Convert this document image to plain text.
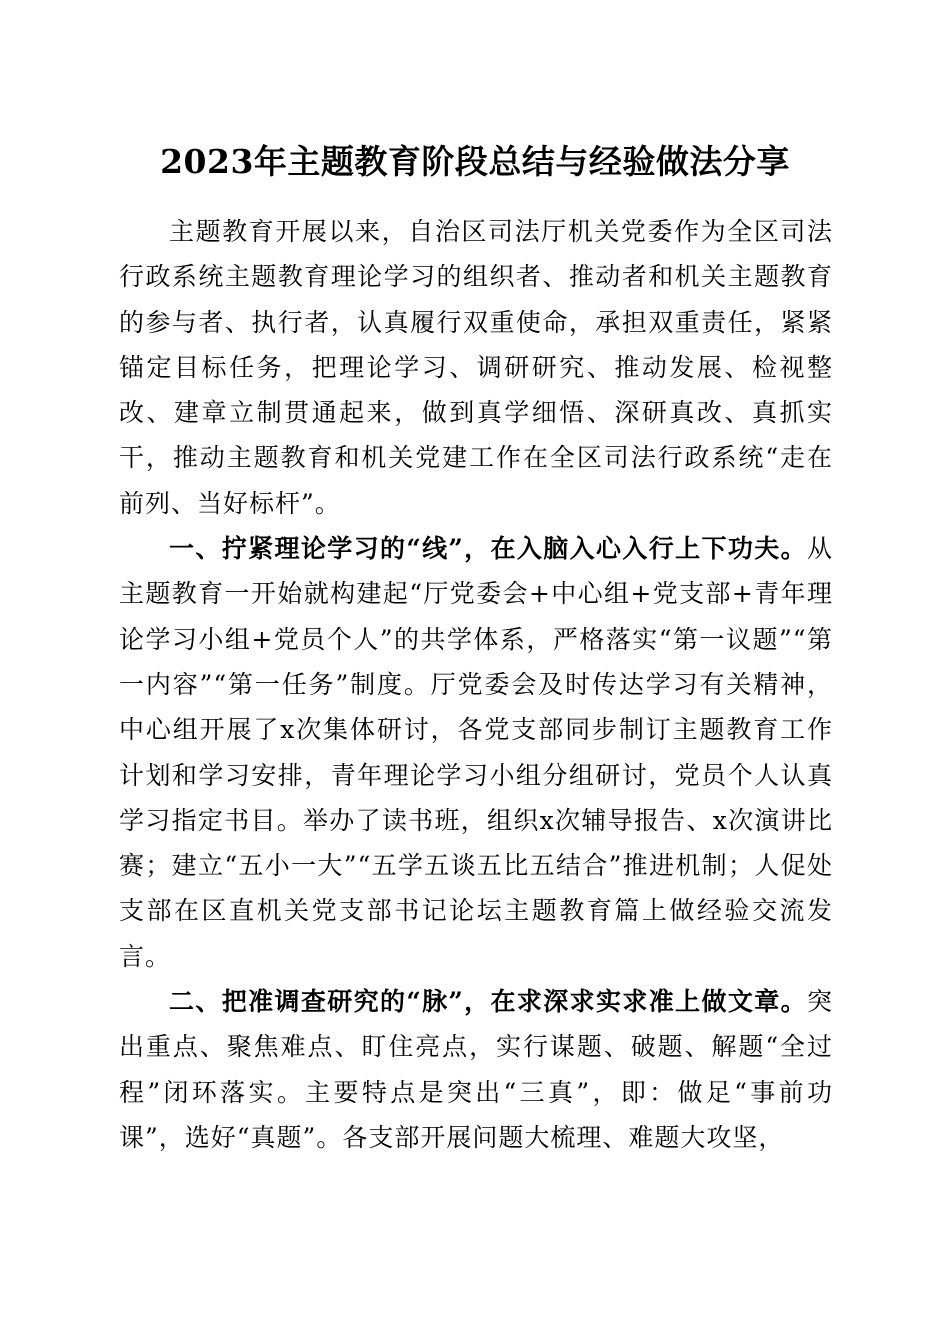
2023年主题教育阶段总结与经验做法分享

主题教育开展以来，自治区司法厅机关党委作为全区司法行政系统主题教育理论学习的组织者、推动者和机关主题教育的参与者、执行者，认真履行双重使命，承担双重责任，紧紧锚定目标任务，把理论学习、调研研究、推动发展、检视整改、建章立制贯通起来，做到真学细悟、深研真改、真抓实干，推动主题教育和机关党建工作在全区司法行政系统“走在前列、当好标杆”。

一、拧紧理论学习的“线”，在入脑入心入行上下功夫。从主题教育一开始就构建起“厅党委会+中心组+党支部+青年理论学习小组+党员个人”的共学体系，严格落实“第一议题”“第一内容”“第一任务”制度。厅党委会及时传达学习有关精神，中心组开展了x次集体研讨，各党支部同步制订主题教育工作计划和学习安排，青年理论学习小组分组研讨，党员个人认真学习指定书目。举办了读书班，组织x次辅导报告、x次演讲比赛；建立“五小一大”“五学五谈五比五结合”推进机制；人促处支部在区直机关党支部书记论坛主题教育篇上做经验交流发言。

二、把准调查研究的“脉”，在求深求实求准上做文章。突出重点、聚焦难点、盯住亮点，实行谋题、破题、解题“全过程”闭环落实。主要特点是突出“三真”，即：做足“事前功课”，选好“真题”。各支部开展问题大梳理、难题大攻坚，
